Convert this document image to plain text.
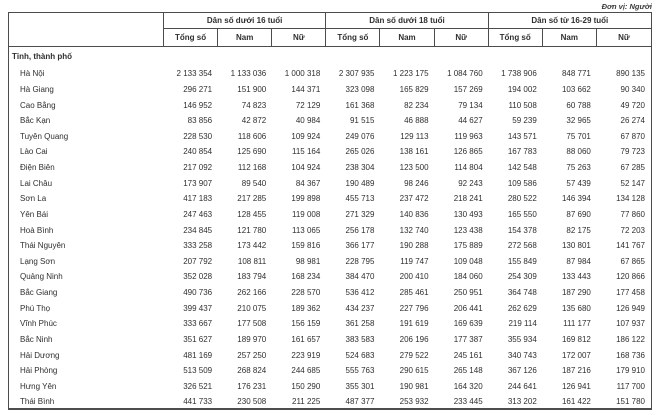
Đơn vị: Người
Dân số dưới 16 tuổi	Dân số dưới 18 tuổi	Dân số từ 16-29 tuổi
Tổng số	Nam	Nữ	Tổng số	Nam	Nữ	Tổng số	Nam	Nữ
Tỉnh, thành phố
Hà Nội	2 133 354	1 133 036	1 000 318	2 307 935	1 223 175	1 084 760	1 738 906	848 771	890 135
Hà Giang	296 271	151 900	144 371	323 098	165 829	157 269	194 002	103 662	90 340
Cao Bằng	146 952	74 823	72 129	161 368	82 234	79 134	110 508	60 788	49 720
Bắc Kạn	83 856	42 872	40 984	91 515	46 888	44 627	59 239	32 965	26 274
Tuyên Quang	228 530	118 606	109 924	249 076	129 113	119 963	143 571	75 701	67 870
Lào Cai	240 854	125 690	115 164	265 026	138 161	126 865	167 783	88 060	79 723
Điện Biên	217 092	112 168	104 924	238 304	123 500	114 804	142 548	75 263	67 285
Lai Châu	173 907	89 540	84 367	190 489	98 246	92 243	109 586	57 439	52 147
Sơn La	417 183	217 285	199 898	455 713	237 472	218 241	280 522	146 394	134 128
Yên Bái	247 463	128 455	119 008	271 329	140 836	130 493	165 550	87 690	77 860
Hoà Bình	234 845	121 780	113 065	256 178	132 740	123 438	154 378	82 175	72 203
Thái Nguyên	333 258	173 442	159 816	366 177	190 288	175 889	272 568	130 801	141 767
Lạng Sơn	207 792	108 811	98 981	228 795	119 747	109 048	155 849	87 984	67 865
Quảng Ninh	352 028	183 794	168 234	384 470	200 410	184 060	254 309	133 443	120 866
Bắc Giang	490 736	262 166	228 570	536 412	285 461	250 951	364 748	187 290	177 458
Phú Thọ	399 437	210 075	189 362	434 237	227 796	206 441	262 629	135 680	126 949
Vĩnh Phúc	333 667	177 508	156 159	361 258	191 619	169 639	219 114	111 177	107 937
Bắc Ninh	351 627	189 970	161 657	383 583	206 196	177 387	355 934	169 812	186 122
Hải Dương	481 169	257 250	223 919	524 683	279 522	245 161	340 743	172 007	168 736
Hải Phòng	513 509	268 824	244 685	555 763	290 615	265 148	367 126	187 216	179 910
Hưng Yên	326 521	176 231	150 290	355 301	190 981	164 320	244 641	126 941	117 700
Thái Bình	441 733	230 508	211 225	487 377	253 932	233 445	313 202	161 422	151 780
